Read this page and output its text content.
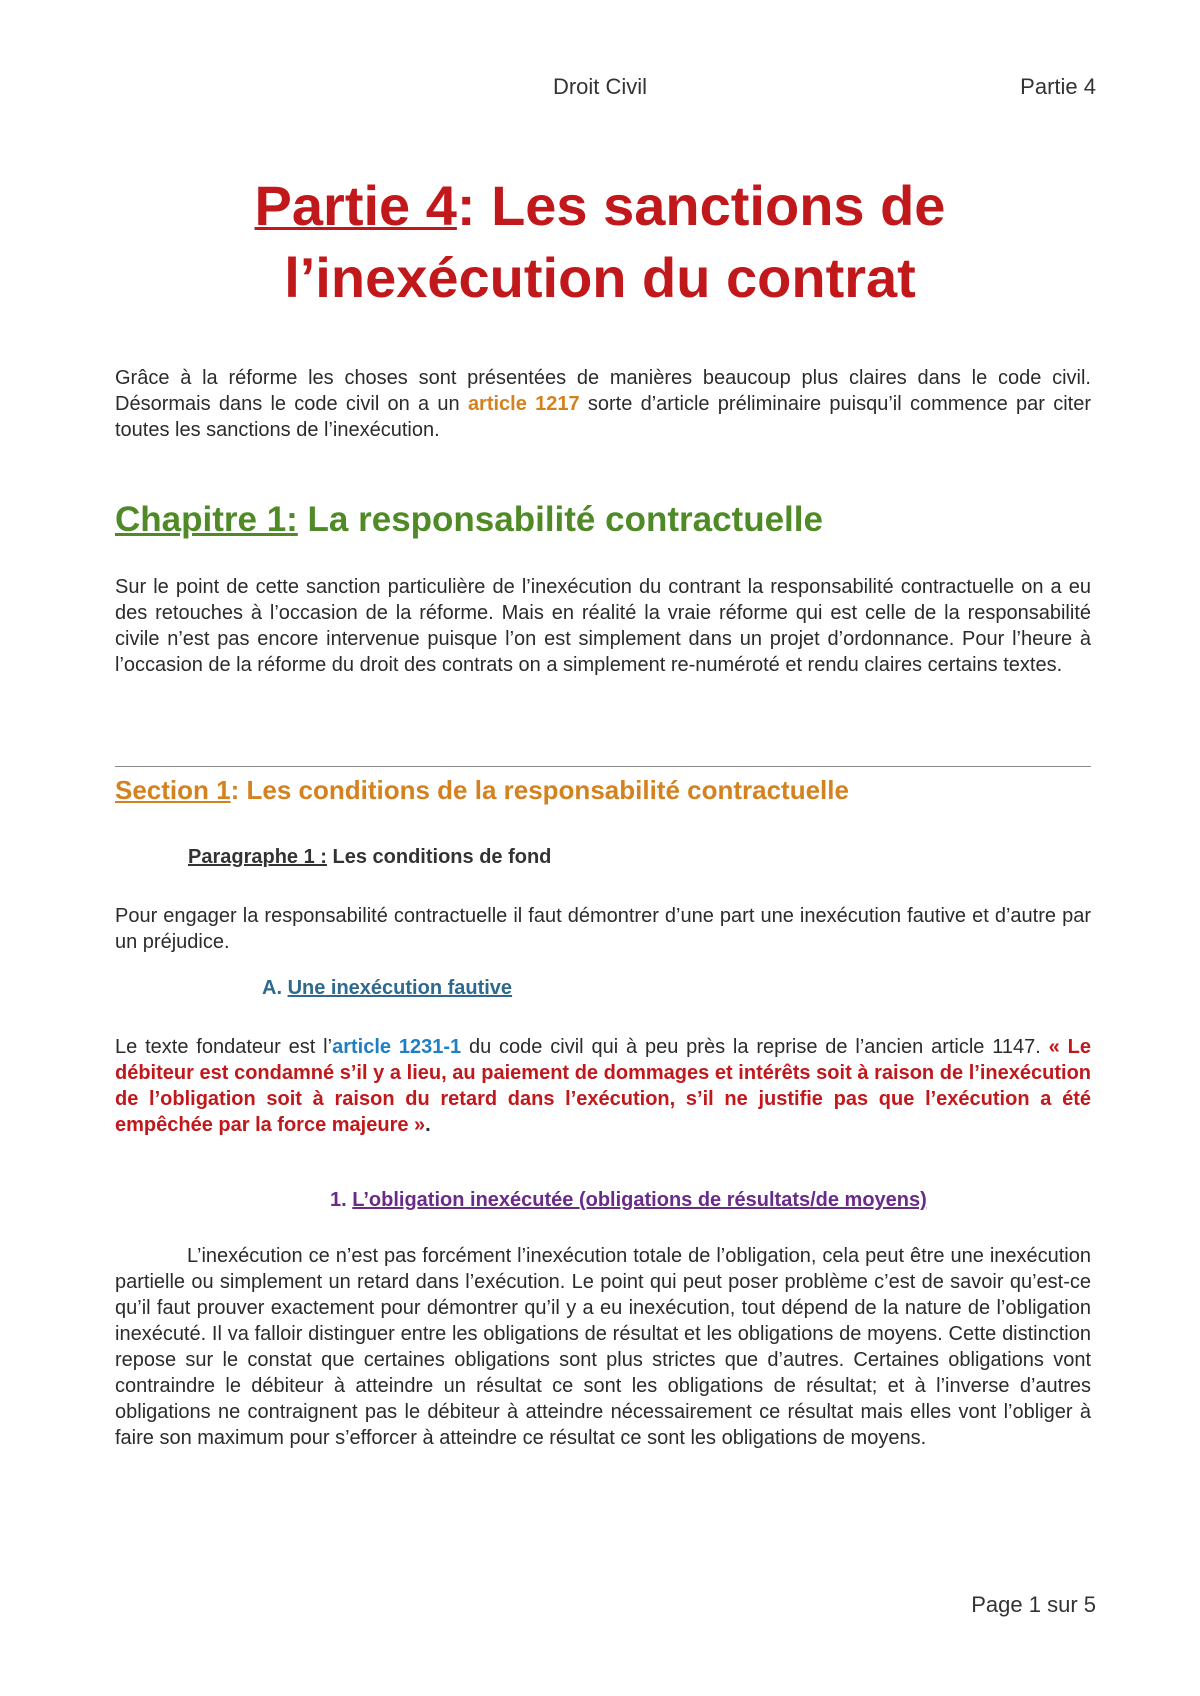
Droit Civil	Partie 4
Partie 4: Les sanctions de
l’inexécution du contrat

Grâce à la réforme les choses sont présentées de manières beaucoup plus claires dans le code civil. Désormais dans le code civil on a un article 1217 sorte d’article préliminaire puisqu’il commence par citer toutes les sanctions de l’inexécution.

Chapitre 1: La responsabilité contractuelle

Sur le point de cette sanction particulière de l’inexécution du contrant la responsabilité contractuelle on a eu des retouches à l’occasion de la réforme. Mais en réalité la vraie réforme qui est celle de la responsabilité civile n’est pas encore intervenue puisque l’on est simplement dans un projet d’ordonnance. Pour l’heure à l’occasion de la réforme du droit des contrats on a simplement re-numéroté et rendu claires certains textes.

Section 1: Les conditions de la responsabilité contractuelle
Paragraphe 1 : Les conditions de fond

Pour engager la responsabilité contractuelle il faut démontrer d’une part une inexécution fautive et d’autre par un préjudice.

A. Une inexécution fautive

Le texte fondateur est l’article 1231-1 du code civil qui à peu près la reprise de l’ancien article 1147. « Le débiteur est condamné s’il y a lieu, au paiement de dommages et intérêts soit à raison de l’inexécution de l’obligation soit à raison du retard dans l’exécution, s’il ne justifie pas que l’exécution a été empêchée par la force majeure ».

1. L’obligation inexécutée (obligations de résultats/de moyens)

L’inexécution ce n’est pas forcément l’inexécution totale de l’obligation, cela peut être une inexécution partielle ou simplement un retard dans l’exécution. Le point qui peut poser problème c’est de savoir qu’est-ce qu’il faut prouver exactement pour démontrer qu’il y a eu inexécution, tout dépend de la nature de l’obligation inexécuté. Il va falloir distinguer entre les obligations de résultat et les obligations de moyens. Cette distinction repose sur le constat que certaines obligations sont plus strictes que d’autres. Certaines obligations vont contraindre le débiteur à atteindre un résultat ce sont les obligations de résultat; et à l’inverse d’autres obligations ne contraignent pas le débiteur à atteindre nécessairement ce résultat mais elles vont l’obliger à faire son maximum pour s’efforcer à atteindre ce résultat ce sont les obligations de moyens.

Page 1 sur 5
